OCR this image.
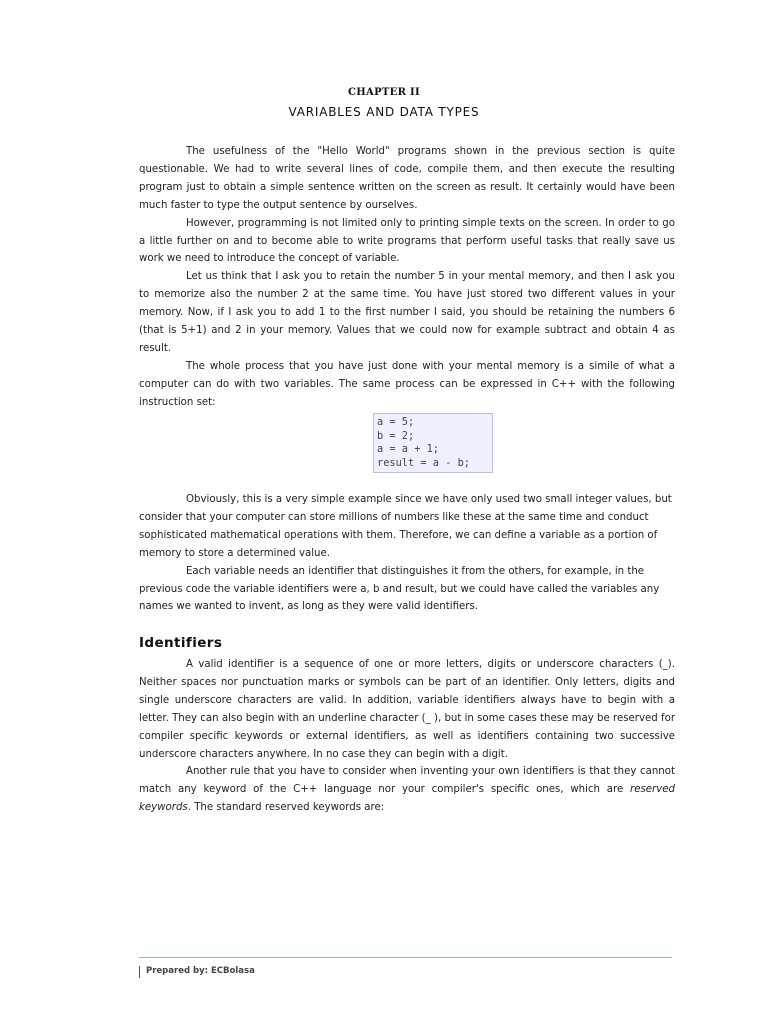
CHAPTER II
VARIABLES AND DATA TYPES

The usefulness of the "Hello World" programs shown in the previous section is quite questionable. We had to write several lines of code, compile them, and then execute the resulting program just to obtain a simple sentence written on the screen as result. It certainly would have been much faster to type the output sentence by ourselves.

However, programming is not limited only to printing simple texts on the screen. In order to go a little further on and to become able to write programs that perform useful tasks that really save us work we need to introduce the concept of variable.

Let us think that I ask you to retain the number 5 in your mental memory, and then I ask you to memorize also the number 2 at the same time. You have just stored two different values in your memory. Now, if I ask you to add 1 to the first number I said, you should be retaining the numbers 6 (that is 5+1) and 2 in your memory. Values that we could now for example subtract and obtain 4 as result.

The whole process that you have just done with your mental memory is a simile of what a computer can do with two variables. The same process can be expressed in C++ with the following instruction set:

a = 5;
b = 2;
a = a + 1;
result = a - b;

Obviously, this is a very simple example since we have only used two small integer values, but consider that your computer can store millions of numbers like these at the same time and conduct sophisticated mathematical operations with them. Therefore, we can define a variable as a portion of memory to store a determined value.

Each variable needs an identifier that distinguishes it from the others, for example, in the previous code the variable identifiers were a, b and result, but we could have called the variables any names we wanted to invent, as long as they were valid identifiers.

Identifiers

A valid identifier is a sequence of one or more letters, digits or underscore characters (_). Neither spaces nor punctuation marks or symbols can be part of an identifier. Only letters, digits and single underscore characters are valid. In addition, variable identifiers always have to begin with a letter. They can also begin with an underline character (_ ), but in some cases these may be reserved for compiler specific keywords or external identifiers, as well as identifiers containing two successive underscore characters anywhere. In no case they can begin with a digit.

Another rule that you have to consider when inventing your own identifiers is that they cannot match any keyword of the C++ language nor your compiler's specific ones, which are reserved keywords. The standard reserved keywords are:

Prepared by: ECBolasa
